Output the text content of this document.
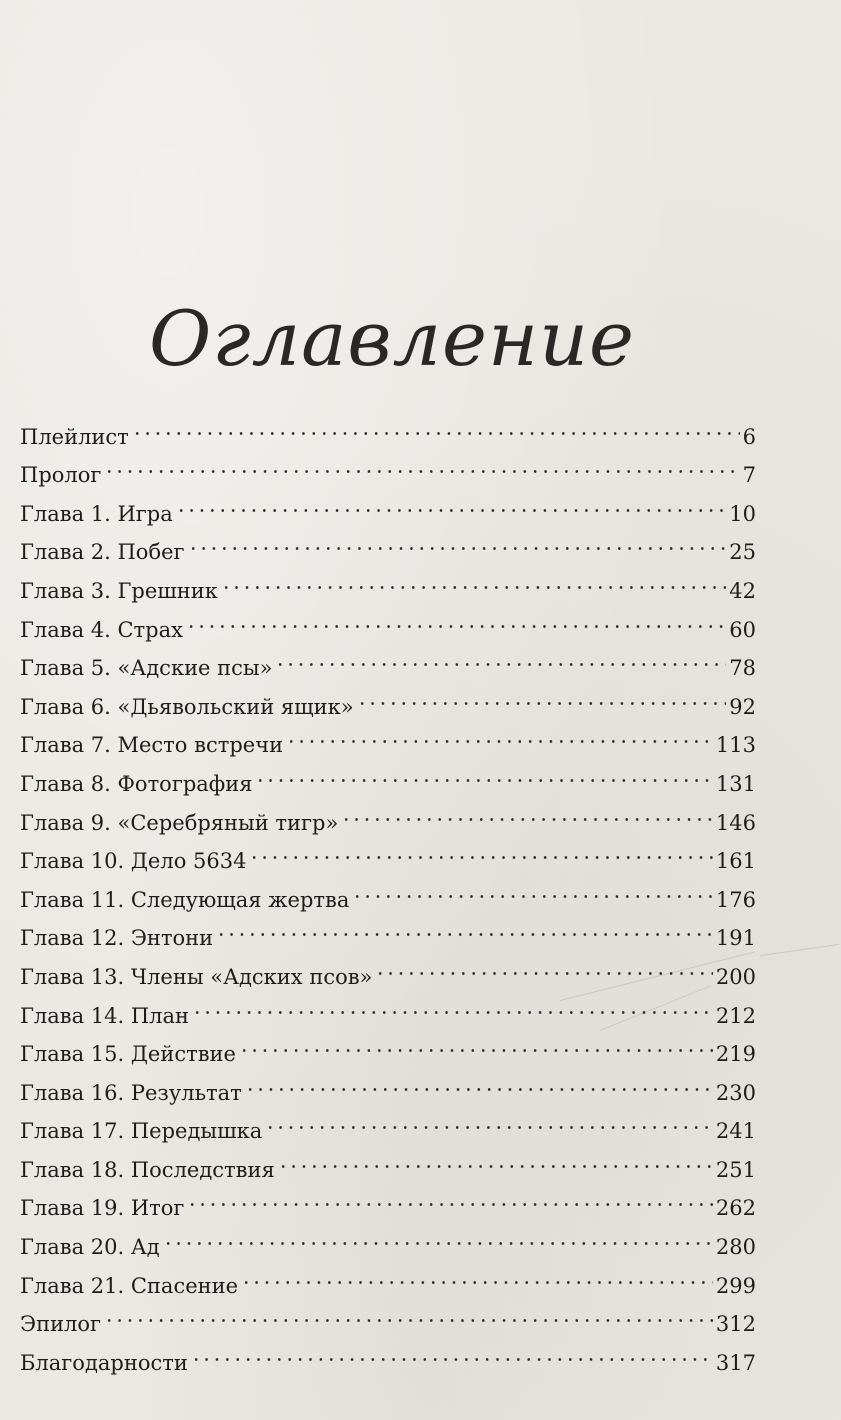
Оглавление
Плейлист	6
Пролог	7
Глава 1. Игра	10
Глава 2. Побег	25
Глава 3. Грешник	42
Глава 4. Страх	60
Глава 5. «Адские псы»	78
Глава 6. «Дьявольский ящик»	92
Глава 7. Место встречи	113
Глава 8. Фотография	131
Глава 9. «Серебряный тигр»	146
Глава 10. Дело 5634	161
Глава 11. Следующая жертва	176
Глава 12. Энтони	191
Глава 13. Члены «Адских псов»	200
Глава 14. План	212
Глава 15. Действие	219
Глава 16. Результат	230
Глава 17. Передышка	241
Глава 18. Последствия	251
Глава 19. Итог	262
Глава 20. Ад	280
Глава 21. Спасение	299
Эпилог	312
Благодарности	317
